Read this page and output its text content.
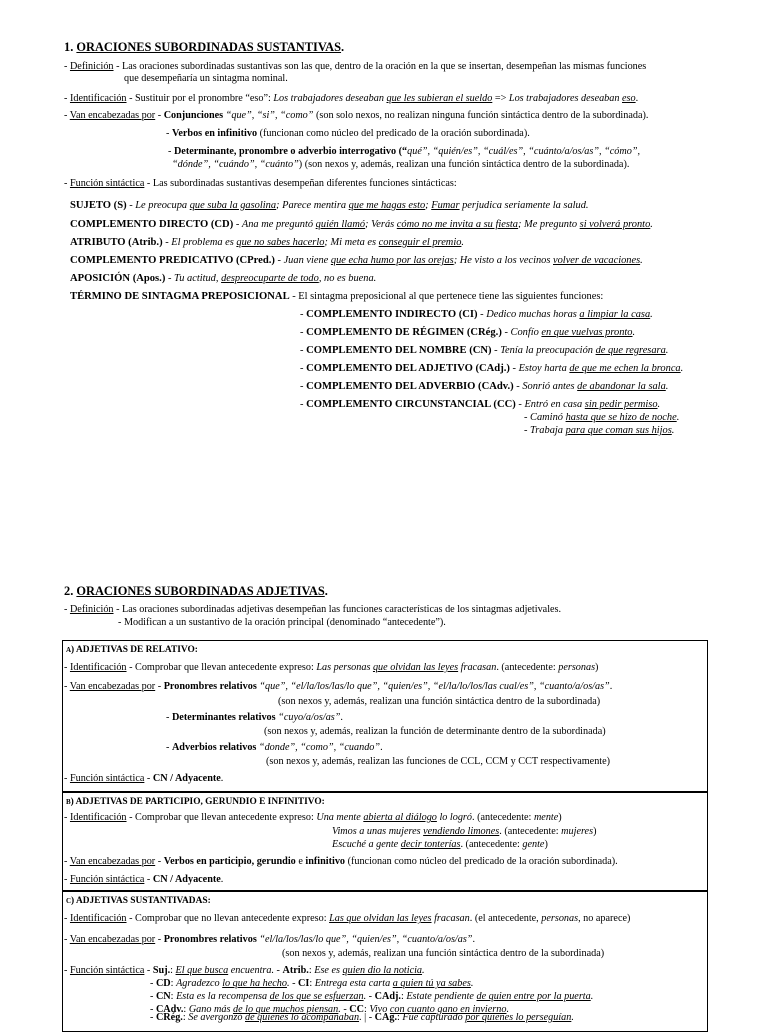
1. ORACIONES SUBORDINADAS SUSTANTIVAS.
- Definición - Las oraciones subordinadas sustantivas son las que, dentro de la oración en la que se insertan, desempeñan las mismas funciones
que desempeñaría un sintagma nominal.
- Identificación - Sustituir por el pronombre “eso”: Los trabajadores deseaban que les subieran el sueldo => Los trabajadores deseaban eso.
- Van encabezadas por - Conjunciones “que”, “si”, “como” (son solo nexos, no realizan ninguna función sintáctica dentro de la subordinada).
- Verbos en infinitivo (funcionan como núcleo del predicado de la oración subordinada).
- Determinante, pronombre o adverbio interrogativo (“qué”, “quién/es”, “cuál/es”, “cuánto/a/os/as”, “cómo”,
“dónde”, “cuándo”, “cuánto”) (son nexos y, además, realizan una función sintáctica dentro de la subordinada).
- Función sintáctica - Las subordinadas sustantivas desempeñan diferentes funciones sintácticas:
SUJETO (S) - Le preocupa que suba la gasolina; Parece mentira que me hagas esto; Fumar perjudica seriamente la salud.
COMPLEMENTO DIRECTO (CD) - Ana me preguntó quién llamó; Verás cómo no me invita a su fiesta; Me pregunto si volverá pronto.
ATRIBUTO (Atrib.) - El problema es que no sabes hacerlo; Mi meta es conseguir el premio.
COMPLEMENTO PREDICATIVO (CPred.) - Juan viene que echa humo por las orejas; He visto a los vecinos volver de vacaciones.
APOSICIÓN (Apos.) - Tu actitud, despreocuparte de todo, no es buena.
TÉRMINO DE SINTAGMA PREPOSICIONAL - El sintagma preposicional al que pertenece tiene las siguientes funciones:
- COMPLEMENTO INDIRECTO (CI) - Dedico muchas horas a limpiar la casa.
- COMPLEMENTO DE RÉGIMEN (CRég.) - Confío en que vuelvas pronto.
- COMPLEMENTO DEL NOMBRE (CN) - Tenía la preocupación de que regresara.
- COMPLEMENTO DEL ADJETIVO (CAdj.) - Estoy harta de que me echen la bronca.
- COMPLEMENTO DEL ADVERBIO (CAdv.) - Sonrió antes de abandonar la sala.
- COMPLEMENTO CIRCUNSTANCIAL (CC) - Entró en casa sin pedir permiso.
- Caminó hasta que se hizo de noche.
- Trabaja para que coman sus hijos.
2. ORACIONES SUBORDINADAS ADJETIVAS.
- Definición - Las oraciones subordinadas adjetivas desempeñan las funciones características de los sintagmas adjetivales.
- Modifican a un sustantivo de la oración principal (denominado “antecedente”).
a) ADJETIVAS DE RELATIVO:
- Identificación - Comprobar que llevan antecedente expreso: Las personas que olvidan las leyes fracasan. (antecedente: personas)
- Van encabezadas por - Pronombres relativos “que”, “el/la/los/las/lo que”, “quien/es”, “el/la/lo/los/las cual/es”, “cuanto/a/os/as”.
(son nexos y, además, realizan una función sintáctica dentro de la subordinada)
- Determinantes relativos “cuyo/a/os/as”.
(son nexos y, además, realizan la función de determinante dentro de la subordinada)
- Adverbios relativos “donde”, “como”, “cuando”.
(son nexos y, además, realizan las funciones de CCL, CCM y CCT respectivamente)
- Función sintáctica - CN / Adyacente.
b) ADJETIVAS DE PARTICIPIO, GERUNDIO E INFINITIVO:
- Identificación - Comprobar que llevan antecedente expreso: Una mente abierta al diálogo lo logró. (antecedente: mente)
Vimos a unas mujeres vendiendo limones. (antecedente: mujeres)
Escuché a gente decir tonterías. (antecedente: gente)
- Van encabezadas por - Verbos en participio, gerundio e infinitivo (funcionan como núcleo del predicado de la oración subordinada).
- Función sintáctica - CN / Adyacente.
c) ADJETIVAS SUSTANTIVADAS:
- Identificación - Comprobar que no llevan antecedente expreso: Las que olvidan las leyes fracasan. (el antecedente, personas, no aparece)
- Van encabezadas por - Pronombres relativos “el/la/los/las/lo que”, “quien/es”, “cuanto/a/os/as”.
(son nexos y, además, realizan una función sintáctica dentro de la subordinada)
- Función sintáctica - Suj.: El que busca encuentra. - Atrib.: Ese es quien dio la noticia.
- CD: Agradezco lo que ha hecho. - CI: Entrega esta carta a quien tú ya sabes.
- CN: Esta es la recompensa de los que se esfuerzan. - CAdj.: Estate pendiente de quien entre por la puerta.
- CAdv.: Gano más de lo que muchos piensan. - CC: Vivo con cuanto gano en invierno.
- CRég.: Se avergonzó de quienes lo acompañaban. | - CAg.: Fue capturado por quienes lo perseguían.
